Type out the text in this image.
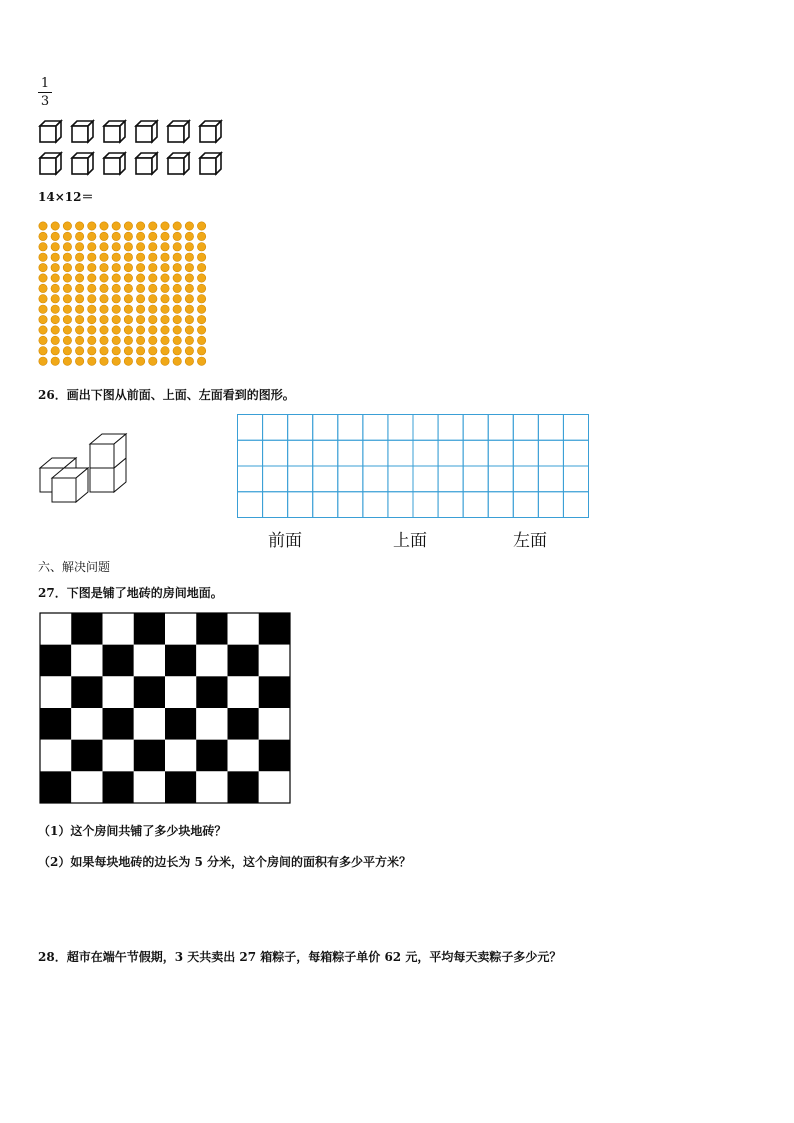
1
3
14×12＝
26．画出下图从前面、上面、左面看到的图形。
前面	上面	左面
六、解决问题
27．下图是铺了地砖的房间地面。
（1）这个房间共铺了多少块地砖？
（2）如果每块地砖的边长为 5 分米，这个房间的面积有多少平方米？
28．超市在端午节假期，3 天共卖出 27 箱粽子，每箱粽子单价 62 元，平均每天卖粽子多少元？
